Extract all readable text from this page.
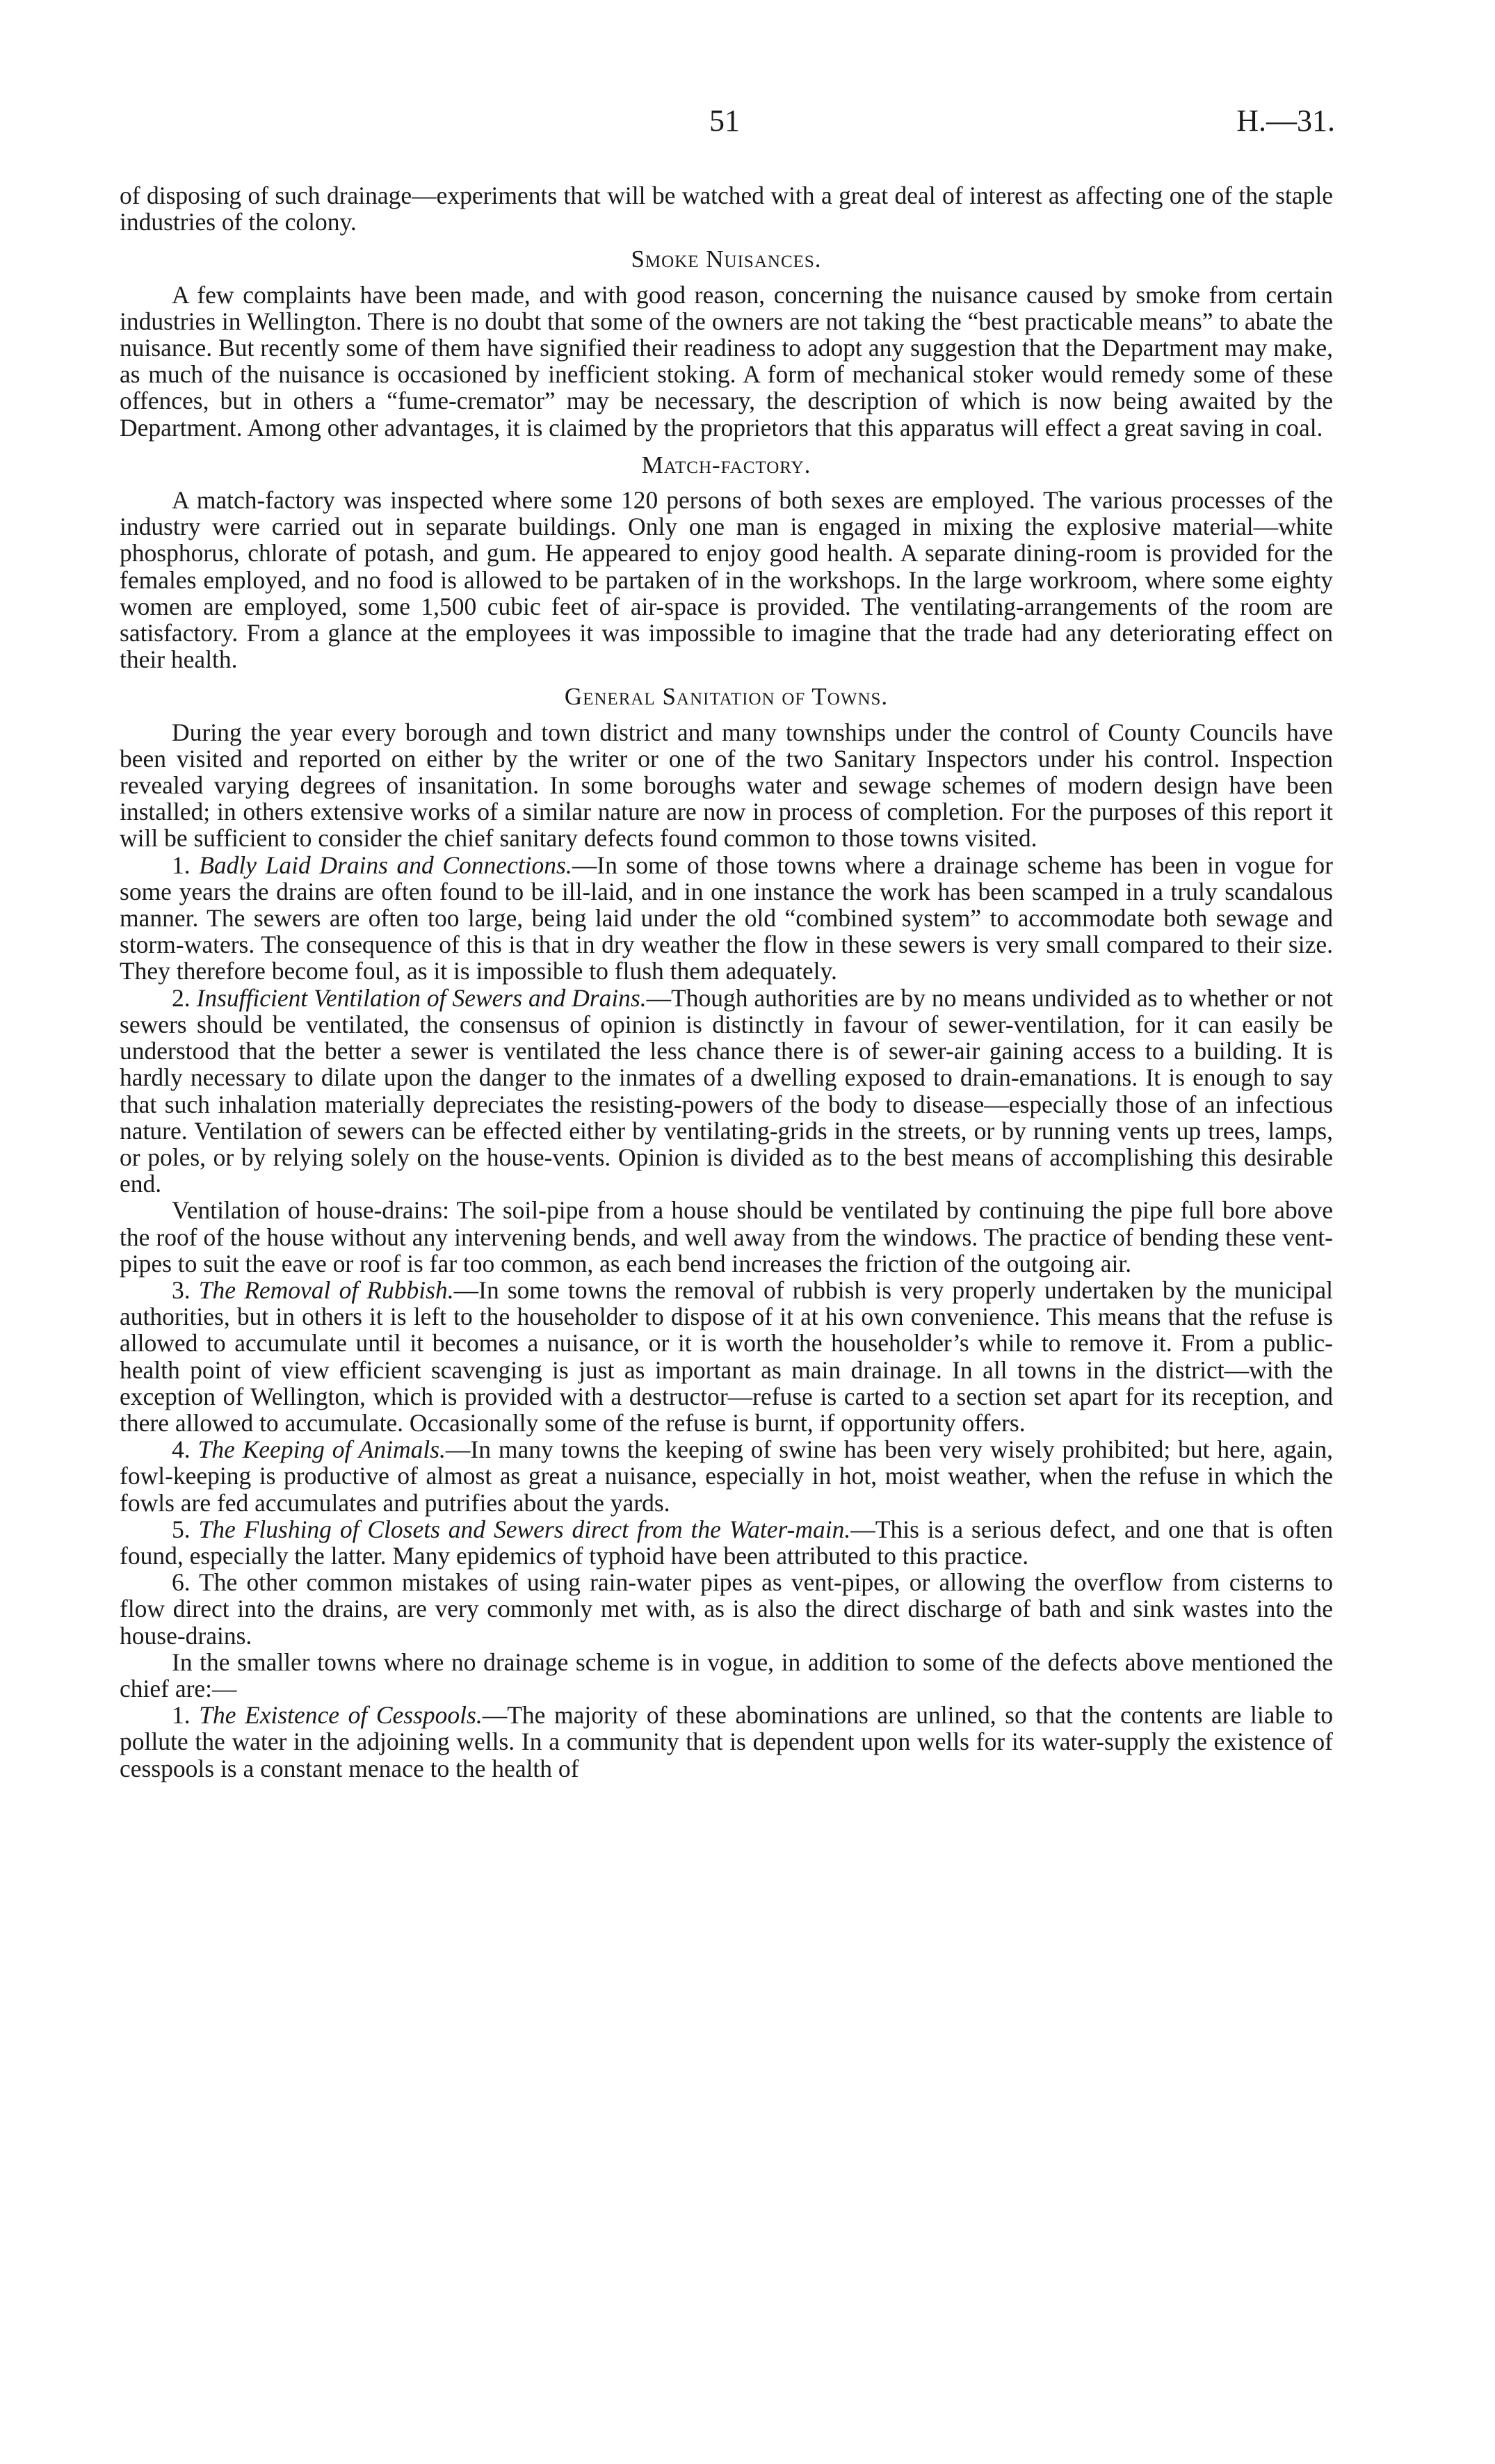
51	H.—31.

of disposing of such drainage—experiments that will be watched with a great deal of interest as affecting one of the staple industries of the colony.

Smoke Nuisances.

A few complaints have been made, and with good reason, concerning the nuisance caused by smoke from certain industries in Wellington. There is no doubt that some of the owners are not taking the “best practicable means” to abate the nuisance. But recently some of them have signified their readiness to adopt any suggestion that the Department may make, as much of the nuisance is occasioned by inefficient stoking. A form of mechanical stoker would remedy some of these offences, but in others a “fume-cremator” may be necessary, the description of which is now being awaited by the Department. Among other advantages, it is claimed by the proprietors that this apparatus will effect a great saving in coal.

Match-factory.

A match-factory was inspected where some 120 persons of both sexes are employed. The various processes of the industry were carried out in separate buildings. Only one man is engaged in mixing the explosive material—white phosphorus, chlorate of potash, and gum. He appeared to enjoy good health. A separate dining-room is provided for the females employed, and no food is allowed to be partaken of in the workshops. In the large workroom, where some eighty women are employed, some 1,500 cubic feet of air-space is provided. The ventilating-arrangements of the room are satisfactory. From a glance at the employees it was impossible to imagine that the trade had any deteriorating effect on their health.

General Sanitation of Towns.

During the year every borough and town district and many townships under the control of County Councils have been visited and reported on either by the writer or one of the two Sanitary Inspectors under his control. Inspection revealed varying degrees of insanitation. In some boroughs water and sewage schemes of modern design have been installed; in others extensive works of a similar nature are now in process of completion. For the purposes of this report it will be sufficient to consider the chief sanitary defects found common to those towns visited.

1. Badly Laid Drains and Connections.—In some of those towns where a drainage scheme has been in vogue for some years the drains are often found to be ill-laid, and in one instance the work has been scamped in a truly scandalous manner. The sewers are often too large, being laid under the old “combined system” to accommodate both sewage and storm-waters. The consequence of this is that in dry weather the flow in these sewers is very small compared to their size. They therefore become foul, as it is impossible to flush them adequately.

2. Insufficient Ventilation of Sewers and Drains.—Though authorities are by no means undivided as to whether or not sewers should be ventilated, the consensus of opinion is distinctly in favour of sewer-ventilation, for it can easily be understood that the better a sewer is ventilated the less chance there is of sewer-air gaining access to a building. It is hardly necessary to dilate upon the danger to the inmates of a dwelling exposed to drain-emanations. It is enough to say that such inhalation materially depreciates the resisting-powers of the body to disease—especially those of an infectious nature. Ventilation of sewers can be effected either by ventilating-grids in the streets, or by running vents up trees, lamps, or poles, or by relying solely on the house-vents. Opinion is divided as to the best means of accomplishing this desirable end.

Ventilation of house-drains: The soil-pipe from a house should be ventilated by continuing the pipe full bore above the roof of the house without any intervening bends, and well away from the windows. The practice of bending these vent-pipes to suit the eave or roof is far too common, as each bend increases the friction of the outgoing air.

3. The Removal of Rubbish.—In some towns the removal of rubbish is very properly undertaken by the municipal authorities, but in others it is left to the householder to dispose of it at his own convenience. This means that the refuse is allowed to accumulate until it becomes a nuisance, or it is worth the householder’s while to remove it. From a public-health point of view efficient scavenging is just as important as main drainage. In all towns in the district—with the exception of Wellington, which is provided with a destructor—refuse is carted to a section set apart for its reception, and there allowed to accumulate. Occasionally some of the refuse is burnt, if opportunity offers.

4. The Keeping of Animals.—In many towns the keeping of swine has been very wisely prohibited; but here, again, fowl-keeping is productive of almost as great a nuisance, especially in hot, moist weather, when the refuse in which the fowls are fed accumulates and putrifies about the yards.

5. The Flushing of Closets and Sewers direct from the Water-main.—This is a serious defect, and one that is often found, especially the latter. Many epidemics of typhoid have been attributed to this practice.

6. The other common mistakes of using rain-water pipes as vent-pipes, or allowing the overflow from cisterns to flow direct into the drains, are very commonly met with, as is also the direct discharge of bath and sink wastes into the house-drains.

In the smaller towns where no drainage scheme is in vogue, in addition to some of the defects above mentioned the chief are:—

1. The Existence of Cesspools.—The majority of these abominations are unlined, so that the contents are liable to pollute the water in the adjoining wells. In a community that is dependent upon wells for its water-supply the existence of cesspools is a constant menace to the health of
